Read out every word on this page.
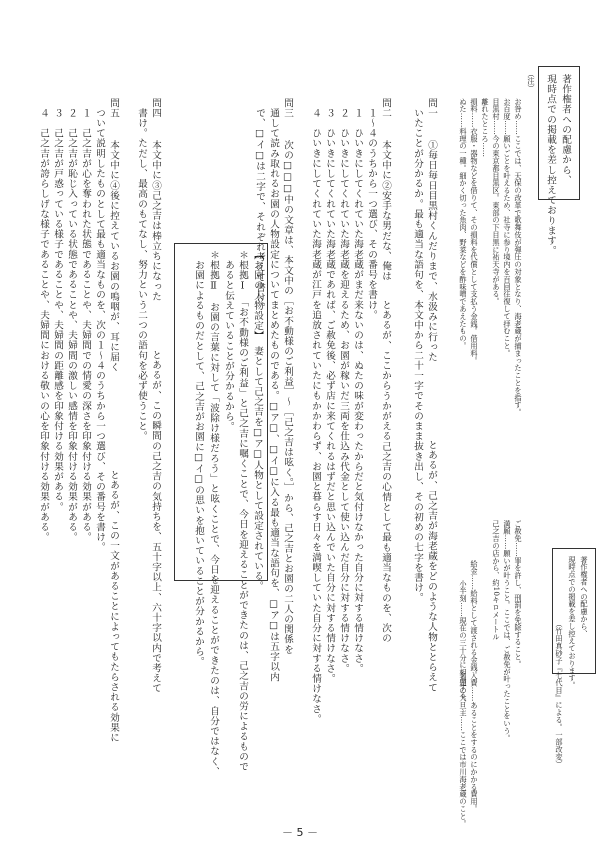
著作権者への配慮から、
現時点での掲載を差し控えております。
著作権者への配慮から、
現時点での掲載を差し控えております。
（竹田真砂子『七代目』による。一部改変）
（注）
お咎め……ここでは、天保の改革で歌舞伎が弾圧の対象となり、海老蔵が捕まったことを指す。
お百度……願いごとを叶えるため、社寺に参り境内を百回往復して拝むこと。
目黒村……今の東京都目黒区。東部の下目黒に祐天寺がある。
離れたところ……
損料……衣服・器物などを借りて、その損料を代償として支払う金銭。借用料。
ぬた……料理の一種。細かく切った魚肉、野菜などを酢味噌であえたもの。
ご赦免……罪を許し、刑罰を免除すること。
満願……願いが叶うこと。ここでは、ご赦免が叶ったことをいう。
己之吉の店から、約10キロメートル
給金……給料として渡される金銭。
小半刻……現在の三十分に相当する。
入費……あることをするのにかかる費用。
名題の大旦主……ここでは市川海老蔵のこと。
問一
①毎日毎日目黒村くんだりまで、水汲みに行った
とあるが、己之吉が海老蔵をどのような人物ととらえて
いたことが分かるか。最も適当な語句を、本文中から二十一字でそのまま抜き出し、その初めの七字を書け。
問二
本文中に②安手な男だな、俺は
とあるが、ここからうかがえる己之吉の心情として最も適当なものを、次の
１〜４のうちから一つ選び、その番号を書け。
１　ひいきにしてくれていた海老蔵がまだ来ないのは、ぬたの味が変わったからだと気付けなかった自分に対する情けなさ。
２　ひいきにしてくれていた海老蔵を迎えるため、お園が稼いだ三両を仕込み代金として使い込んだ自分に対する情けなさ。
３　ひいきにしてくれていた海老蔵であれば、ご赦免後、必ず店に来てくれるはずだと思い込んでいた自分に対する情けなさ。
４　ひいきにしてくれていた海老蔵が江戸を追放されていたにもかかわらず、お園と暮らす日々を満喫していた自分に対する情けなさ。
問三
次の□□□中の文章は、本文中の［お不動様のご利益］〜［己之吉は呟く。］から、己之吉とお園の二人の関係を
通して読み取れるお園の人物設定についてまとめたものである。□ア□、□イ□に入る最も適当な語句を、□ア□は五字以内
で、□イ□は二字で、それぞれ考えて書け。
【お園の人物設定】　妻として己之吉を□ア□人物として設定されている。
＊根拠Ⅰ　「お不動様のご利益」と己之吉に嘱くことで、今日を迎えることができたのは、己之吉の労によるもので
　あると伝えていることが分かるから。
＊根拠Ⅱ　お園の言葉に対して「波除け様だろう」と呟くことで、今日を迎えることができたのは、自分ではなく、
　お園によるものだとして、己之吉がお園に□イ□の思いを抱いていることが分かるから。
問四
本文中に③己之吉は棒立ちになった
とあるが、この瞬間の己之吉の気持ちを、五十字以上、六十字以内で考えて
書け。ただし、最高のもてなし、努力という二つの語句を必ず使うこと。
問五
本文中に④後に控えているお園の嗚咽が、耳に届く
とあるが、この一文があることによってもたらされる効果に
ついて説明したものとして最も適当なものを、次の１〜４のうちから一つ選び、その番号を書け。
１　己之吉が心を奪われた状態であることや、夫婦間での情愛の深さを印象付ける効果がある。
２　己之吉が恥じ入っている状態であることや、夫婦間の激しい感情を印象付ける効果がある。
３　己之吉が戸惑っている様子であることや、夫婦間の距離感を印象付ける効果がある。
４　己之吉が誇らしげな様子であることや、夫婦間における敬いの心を印象付ける効果がある。
－ 5 －
